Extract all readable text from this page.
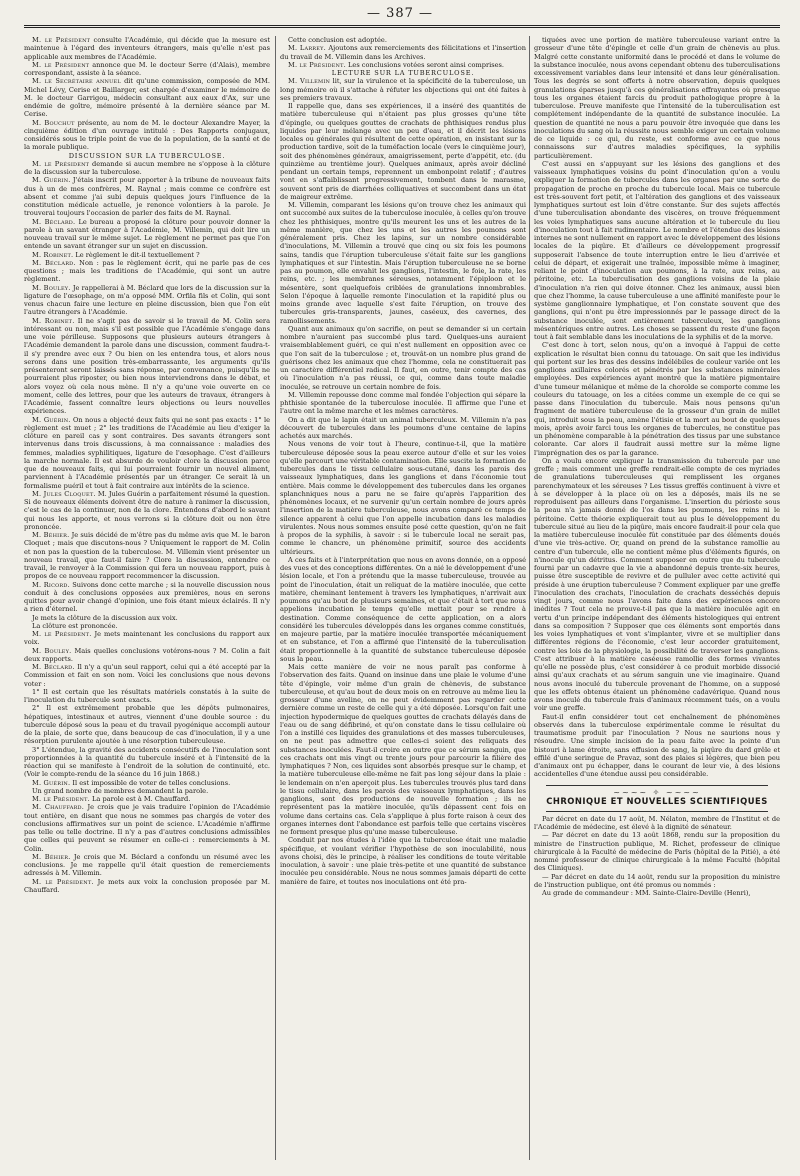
— 387 —

M. le Président consulte l'Académie, qui décide que la mesure est maintenue à l'égard des inventeurs étrangers, mais qu'elle n'est pas applicable aux membres de l'Académie.

M. le Président annonce que M. le docteur Serre (d'Alais), membre correspondant, assiste à la séance.

M. le Secrétaire annuel dit qu'une commission, composée de MM. Michel Lévy, Cerise et Baillarger, est chargée d'examiner le mémoire de M. le docteur Garrigou, médecin consultant aux eaux d'Ax, sur une endémie de goître, mémoire présenté à la dernière séance par M. Cerise.

M. Bouchut présente, au nom de M. le docteur Alexandre Mayer, la cinquième édition d'un ouvrage intitulé : Des Rapports conjugaux, considérés sous le triple point de vue de la population, de la santé et de la morale publique.

DISCUSSION SUR LA TUBERCULOSE.

M. le Président demande si aucun membre ne s'oppose à la clôture de la discussion sur la tuberculose.

M. Guérin. J'étais inscrit pour apporter à la tribune de nouveaux faits dus à un de mes confrères, M. Raynal ; mais comme ce confrère est absent et comme j'ai subi depuis quelques jours l'influence de la constitution médicale actuelle, je renonce volontiers à la parole. Je trouverai toujours l'occasion de parler des faits de M. Raynal.

M. Béclard. Le bureau a proposé la clôture pour pouvoir donner la parole à un savant étranger à l'Académie, M. Villemin, qui doit lire un nouveau travail sur le même sujet. Le règlement ne permet pas que l'on entende un savant étranger sur un sujet en discussion.

M. Robinet. Le règlement le dit-il textuellement ?

M. Béclard. Non : pas le règlement écrit, qui ne parle pas de ces questions ; mais les traditions de l'Académie, qui sont un autre règlement.

M. Bouley. Je rappellerai à M. Béclard que lors de la discussion sur la ligature de l'œsophage, on m'a opposé MM. Orfila fils et Colin, qui sont venus chacun faire une lecture en pleine discussion, bien que l'on eût l'autre étrangers à l'Académie.

M. Robinet. Il ne s'agit pas de savoir si le travail de M. Colin sera intéressant ou non, mais s'il est possible que l'Académie s'engage dans une voie périlleuse. Supposons que plusieurs auteurs étrangers à l'Académie demandent la parole dans une discussion, comment faudra-t-il s'y prendre avec eux ? Ou bien on les entendra tous, et alors nous serons dans une position très-embarrassante, les arguments qu'ils présenteront seront laissés sans réponse, par convenance, puisqu'ils ne pourraient plus riposter, ou bien nous interviendrons dans le débat, et alors voyez où cela nous mène. Il n'y a qu'une voie ouverte en ce moment, celle des lettres, pour que les auteurs de travaux, étrangers à l'Académie, fassent connaître leurs objections ou leurs nouvelles expériences.

M. Guérin. On nous a objecté deux faits qui ne sont pas exacts : 1° le règlement est muet ; 2° les traditions de l'Académie au lieu d'exiger la clôture en pareil cas y sont contraires. Des savants étrangers sont intervenus dans trois discussions, à ma connaissance : maladies des femmes, maladies syphilitiques, ligature de l'œsophage. C'est d'ailleurs la marche normale. Il est absurde de vouloir clore la discussion parce que de nouveaux faits, qui lui pourraient fournir un nouvel aliment, parviennent à l'Académie présentés par un étranger. Ce serait là un formalisme puéril et tout à fait contraire aux intérêts de la science.

M. Jules Cloquet. M. Jules Guérin a parfaitement résumé la question. Si de nouveaux éléments doivent être de nature à ranimer la discussion, c'est le cas de la continuer, non de la clore. Entendons d'abord le savant qui nous les apporte, et nous verrons si la clôture doit ou non être prononcée.

M. Béhier. Je suis décidé de m'être pas du même avis que M. le baron Cloquet ; mais que discutons-nous ? Uniquement le rapport de M. Colin et non pas la question de la tuberculose. M. Villemin vient présenter un nouveau travail, que faut-il faire ? Clore la discussion, entendre ce travail, le renvoyer à la Commission qui fera un nouveau rapport, puis à propos de ce nouveau rapport recommencer la discussion.

M. Ricord. Suivons donc cette marche ; si la nouvelle discussion nous conduit à des conclusions opposées aux premières, nous en serons quittes pour avoir changé d'opinion, une fois étant mieux éclairés. Il n'y a rien d'éternel.

Je mets la clôture de la discussion aux voix.

La clôture est prononcée.

M. le Président. Je mets maintenant les conclusions du rapport aux voix.

M. Bouley. Mais quelles conclusions votérons-nous ? M. Colin a fait deux rapports.

M. Béclard. Il n'y a qu'un seul rapport, celui qui a été accepté par la Commission et fait en son nom. Voici les conclusions que nous devons voter :

1° Il est certain que les résultats matériels constatés à la suite de l'inoculation du tubercule sont exacts.

2° Il est extrêmement probable que les dépôts pulmonaires, hépatiques, intestinaux et autres, viennent d'une double source : du tubercule déposé sous la peau et du travail pyogénique accompli autour de la plaie, de sorte que, dans beaucoup de cas d'inoculation, il y a une résorption purulente ajoutée à une résorption tuberculeuse.

3° L'étendue, la gravité des accidents consécutifs de l'inoculation sont proportionnées à la quantité du tubercule inséré et à l'intensité de la réaction qui se manifeste à l'endroit de la solution de continuité, etc. (Voir le compte-rendu de la séance du 16 juin 1868.)

M. Guérin. Il est impossible de voter de telles conclusions.

Un grand nombre de membres demandent la parole.

M. le Président. La parole est à M. Chauffard.

M. Chauffard. Je crois que je vais traduire l'opinion de l'Académie tout entière, en disant que nous ne sommes pas chargés de voter des conclusions affirmatives sur un point de science. L'Académie n'affirme pas telle ou telle doctrine. Il n'y a pas d'autres conclusions admissibles que celles qui peuvent se résumer en celle-ci : remerciements à M. Colin.

M. Béhier. Je crois que M. Béclard a confondu un résumé avec les conclusions. Je me rappelle qu'il était question de remerciements adressés à M. Villemin.

M. le Président. Je mets aux voix la conclusion proposée par M. Chauffard.

Cette conclusion est adoptée.

M. Larrey. Ajoutons aux remerciements des félicitations et l'insertion du travail de M. Villemin dans les Archives.

M. le Président. Les conclusions votées seront ainsi comprises.

LECTURE SUR LA TUBERCULOSE.

M. Villemin lit, sur la virulence et la spécificité de la tuberculose, un long mémoire où il s'attache à réfuter les objections qui ont été faites à ses premiers travaux.

Il rappelle que, dans ses expériences, il a inséré des quantités de matière tuberculeuse qui n'étaient pas plus grosses qu'une tête d'épingle, ou quelques gouttes de crachats de phthisiques rendus plus liquides par leur mélange avec un peu d'eau, et il décrit les lésions locales ou générales qui résultent de cette opération, en insistant sur la production tardive, soit de la tuméfaction locale (vers le cinquième jour), soit des phénomènes généraux, amaigrissement, perte d'appétit, etc. (du quinzième au trentième jour). Quelques animaux, après avoir décliné pendant un certain temps, reprennent un embonpoint relatif ; d'autres vont en s'affaiblissant progressivement, tombent dans le marasme, souvent sont pris de diarrhées colliquatives et succombent dans un état de maigreur extrême.

M. Villemin, comparant les lésions qu'on trouve chez les animaux qui ont succombé aux suites de la tuberculose inoculée, à celles qu'on trouve chez les phthisiques, montre qu'ils meurent les uns et les autres de la même manière, que chez les uns et les autres les poumons sont généralement pris. Chez les lapins, sur un nombre considérable d'inoculations, M. Villemin a trouvé que cinq ou six fois les poumons sains, tandis que l'éruption tuberculeuse s'était faite sur les ganglions lymphatiques et sur l'intestin. Mais l'éruption tuberculeuse ne se borne pas au poumon, elle envahit les ganglions, l'intestin, le foie, la rate, les reins, etc. ; les membranes séreuses, notamment l'épiploon et le mésentère, sont quelquefois criblées de granulations innombrables. Selon l'époque à laquelle remonte l'inoculation et la rapidité plus ou moins grande avec laquelle s'est faite l'éruption, on trouve des tubercules gris-transparents, jaunes, caséeux, des cavernes, des ramollissements.

Quant aux animaux qu'on sacrifie, on peut se demander si un certain nombre n'auraient pas succombé plus tard. Quelques-uns auraient vraisemblablement guéri, ce qui n'est nullement en opposition avec ce que l'on sait de la tuberculose ; et, trouvât-on un nombre plus grand de guérisons chez les animaux que chez l'homme, cela ne constituerait pas un caractère différentiel radical. Il faut, en outre, tenir compte des cas où l'inoculation n'a pas réussi, ce qui, comme dans toute maladie inoculée, se retrouve un certain nombre de fois.

M. Villemin repousse donc comme mal fondée l'objection qui sépare la phthisie spontanée de la tuberculose inoculée. Il affirme que l'une et l'autre ont la même marche et les mêmes caractères.

On a dit que le lapin était un animal tuberculeux. M. Villemin n'a pas découvert de tubercules dans les poumons d'une centaine de lapins achetés aux marchés.

Nous venons de voir tout à l'heure, continue-t-il, que la matière tuberculeuse déposée sous la peau exerce autour d'elle et sur les voies qu'elle parcourt une véritable contamination. Elle suscite la formation de tubercules dans le tissu cellulaire sous-cutané, dans les parois des vaisseaux lymphatiques, dans les ganglions et dans l'économie tout entière. Mais comme le développement des tubercules dans les organes splanchniques nous a paru ne se faire qu'après l'apparition des phénomènes locaux, et ne survenir qu'un certain nombre de jours après l'insertion de la matière tuberculeuse, nous avons comparé ce temps de silence apparent à celui que l'on appelle incubation dans les maladies virulentes. Nous nous sommes ensuite posé cette question, qu'on ne fait à propos de la syphilis, à savoir : si le tubercule local ne serait pas, comme le chancre, un phénomène primitif, source des accidents ultérieurs.

A ces faits et à l'interprétation que nous en avons donnée, on a opposé des vues et des conceptions différentes. On a nié le développement d'une lésion locale, et l'on a prétendu que la masse tuberculeuse, trouvée au point de l'inoculation, était un reliquat de la matière inoculée, que cette matière, cheminant lentement à travers les lymphatiques, n'arrivait aux poumons qu'au bout de plusieurs semaines, et que c'était à tort que nous appelions incubation le temps qu'elle mettait pour se rendre à destination. Comme conséquence de cette application, on a alors considéré les tubercules développés dans les organes comme constitués, en majeure partie, par la matière inoculée transportée mécaniquement et en substance, et l'on a affirmé que l'intensité de la tuberculisation était proportionnelle à la quantité de substance tuberculeuse déposée sous la peau.

Mais cette manière de voir ne nous paraît pas conforme à l'observation des faits. Quand on insinue dans une plaie le volume d'une tête d'épingle, voir même d'un grain de chènevis, de substance tuberculeuse, et qu'au bout de deux mois on en retrouve au même lieu la grosseur d'une aveline, on ne peut évidemment pas regarder cette dernière comme un reste de celle qui y a été déposée. Lorsqu'on fait une injection hypodermique de quelques gouttes de crachats délayés dans de l'eau ou de sang défibriné, et qu'on constate dans le tissu cellulaire où l'on a instillé ces liquides des granulations et des masses tuberculeuses, on ne peut pas admettre que celles-ci soient des reliquats des substances inoculées. Faut-il croire en outre que ce sérum sanguin, que ces crachats ont mis vingt ou trente jours pour parcourir la filière des lymphatiques ? Non, ces liquides sont absorbés presque sur le champ, et la matière tuberculeuse elle-même ne fait pas long séjour dans la plaie : le lendemain on n'en aperçoit plus. Les tubercules trouvés plus tard dans le tissu cellulaire, dans les parois des vaisseaux lymphatiques, dans les ganglions, sont des productions de nouvelle formation ; ils ne représentent pas la matière inoculée, qu'ils dépassent cent fois en volume dans certains cas. Cela s'applique à plus forte raison à ceux des organes internes dont l'abondance est parfois telle que certains viscères ne forment presque plus qu'une masse tuberculeuse.

Conduit par nos études à l'idée que la tuberculose était une maladie spécifique, et voulant vérifier l'hypothèse de son inoculabilité, nous avons choisi, dès le principe, à réaliser les conditions de toute véritable inoculation, à savoir : une plaie très-petite et une quantité de substance inoculée peu considérable. Nous ne nous sommes jamais départi de cette manière de faire, et toutes nos inoculations ont été pra-

tiquées avec une portion de matière tuberculeuse variant entre la grosseur d'une tête d'épingle et celle d'un grain de chènevis au plus. Malgré cette constante uniformité dans le procédé et dans le volume de la substance inoculée, nous avons cependant obtenu des tuberculisations excessivement variables dans leur intensité et dans leur généralisation. Tous les degrés se sont offerts à notre observation, depuis quelques granulations éparses jusqu'à ces généralisations effrayantes où presque tous les organes étaient farcis du produit pathologique propre à la tuberculose. Preuve manifeste que l'intensité de la tuberculisation est complétement indépendante de la quantité de substance inoculée. La question de quantité ne nous a paru pouvoir être invoquée que dans les inoculations du sang où la réussite nous semble exiger un certain volume de ce liquide : ce qui, du reste, est conforme avec ce que nous connaissons sur d'autres maladies spécifiques, la syphilis particulièrement.

C'est aussi en s'appuyant sur les lésions des ganglions et des vaisseaux lymphatiques voisins du point d'inoculation qu'on a voulu expliquer la formation de tubercules dans les organes par une sorte de propagation de proche en proche du tubercule local. Mais ce tubercule est très-souvent fort petit, et l'altération des ganglions et des vaisseaux lymphatiques surtout est loin d'être constante. Sur des sujets affectés d'une tuberculisation abondante des viscères, on trouve fréquemment les voies lymphatiques sans aucune altération et le tubercule du lieu d'inoculation tout à fait rudimentaire. Le nombre et l'étendue des lésions internes ne sont nullement en rapport avec le développement des lésions locales de la piqûre. Et d'ailleurs ce développement progressif supposerait l'absence de toute interruption entre le lieu d'arrivée et celui de départ, et exigerait une traînée, impossible même à imaginer, reliant le point d'inoculation aux poumons, à la rate, aux reins, au péritoine, etc. La tuberculisation des ganglions voisins de la plaie d'inoculation n'a rien qui doive étonner. Chez les animaux, aussi bien que chez l'homme, la cause tuberculeuse a une affinité manifeste pour le système ganglionnaire lymphatique, et l'on constate souvent que des ganglions, qui n'ont pu être impressionnés par le passage direct de la substance inoculée, sont entièrement tuberculeux, les ganglions mésentériques entre autres. Les choses se passent du reste d'une façon tout à fait semblable dans les inoculations de la syphilis et de la morve.

C'est donc à tort, selon nous, qu'on a invoqué à l'appui de cette explication le résultat bien connu du tatouage. On sait que les individus qui portent sur les bras des dessins indélébiles de couleur variée ont les ganglions axillaires colorés et pénétrés par les substances minérales employées. Des expériences ayant montré que la matière pigmentaire d'une tumeur mélanique et même de la chorolde se comporte comme les couleurs du tatouage, on les a citées comme un exemple de ce qui se passe dans l'inoculation du tubercule. Mais nous pensons qu'un fragment de matière tuberculeuse de la grosseur d'un grain de millet qui, introduit sous la peau, amène l'étisie et la mort au bout de quelques mois, après avoir farci tous les organes de tubercules, ne constitue pas un phénomène comparable à la pénétration des tissus par une substance colorante. Car alors il faudrait aussi mettre sur la même ligne l'imprégnation des os par la garance.

On a voulu encore expliquer la transmission du tubercule par une greffe ; mais comment une greffe rendrait-elle compte de ces myriades de granulations tuberculeuses qui remplissent les organes parenchymateux et les séreuses ? Les tissus greffés continuent à vivre et à se développer à la place où on les a déposés, mais ils ne se reproduisent pas ailleurs dans l'organisme. L'insertion du périoste sous la peau n'a jamais donné de l'os dans les poumons, les reins ni le péritoine. Cette théorie expliquerait tout au plus le développement du tubercule situé au lieu de la piqûre, mais encore faudrait-il pour cela que la matière tuberculeuse inoculée fût constituée par des éléments doués d'une vie très-active. Or, quand on prend de la substance ramollie au centre d'un tubercule, elle ne contient même plus d'éléments figurés, on n'inocule qu'un détritus. Comment supposer en outre que du tubercule fourni par un cadavre que la vie a abandonné depuis trente-six heures, puisse être susceptible de revivre et de pulluler avec cette activité qui préside à une éruption tuberculeuse ? Comment expliquer par une greffe l'inoculation des crachats, l'inoculation de crachats desséchés depuis vingt jours, comme nous l'avons faite dans des expériences encore inédites ? Tout cela ne prouve-t-il pas que la matière inoculée agit en vertu d'un principe indépendant des éléments histologiques qui entrent dans sa composition ? Supposer que ces éléments sont emportés dans les voies lymphatiques et vont s'implanter, vivre et se multiplier dans différentes régions de l'économie, c'est leur accorder gratuitement, contre les lois de la physiologie, la possibilité de traverser les ganglions. C'est attribuer à la matière caséeuse ramollie des formes vivantes qu'elle ne possède plus, c'est considérer à ce produit morbide dissocié ainsi qu'aux crachats et au sérum sanguin une vie imaginaire. Quand nous avons inoculé du tubercule provenant de l'homme, on a supposé que les effets obtenus étaient un phénomène cadavérique. Quand nous avons inoculé du tubercule frais d'animaux récemment tués, on a voulu voir une greffe.

Faut-il enfin considérer tout cet enchaînement de phénomènes observés dans la tuberculose expérimentale comme le résultat du traumatisme produit par l'inoculation ? Nous ne saurions nous y résoudre. Une simple incision de la peau faite avec la pointe d'un bistouri à lame étroite, sans effusion de sang, la piqûre du dard grêle et effilé d'une seringue de Pravaz, sont des plaies si légères, que bien peu d'animaux ont pu échapper, dans le courant de leur vie, à des lésions accidentelles d'une étendue aussi peu considérable.

~~~~ ✧ ~~~~

CHRONIQUE ET NOUVELLES SCIENTIFIQUES

Par décret en date du 17 août, M. Nélaton, membre de l'Institut et de l'Académie de médecine, est élevé à la dignité de sénateur.

— Par décret en date du 13 août 1868, rendu sur la proposition du ministre de l'instruction publique, M. Richet, professeur de clinique chirurgicale à la Faculté de médecine de Paris (hôpital de la Pitié), a été nommé professeur de clinique chirurgicale à la même Faculté (hôpital des Cliniques).

— Par décret en date du 14 août, rendu sur la proposition du ministre de l'instruction publique, ont été promus ou nommés :

Au grade de commandeur : MM. Sainte-Claire-Deville (Henri),
